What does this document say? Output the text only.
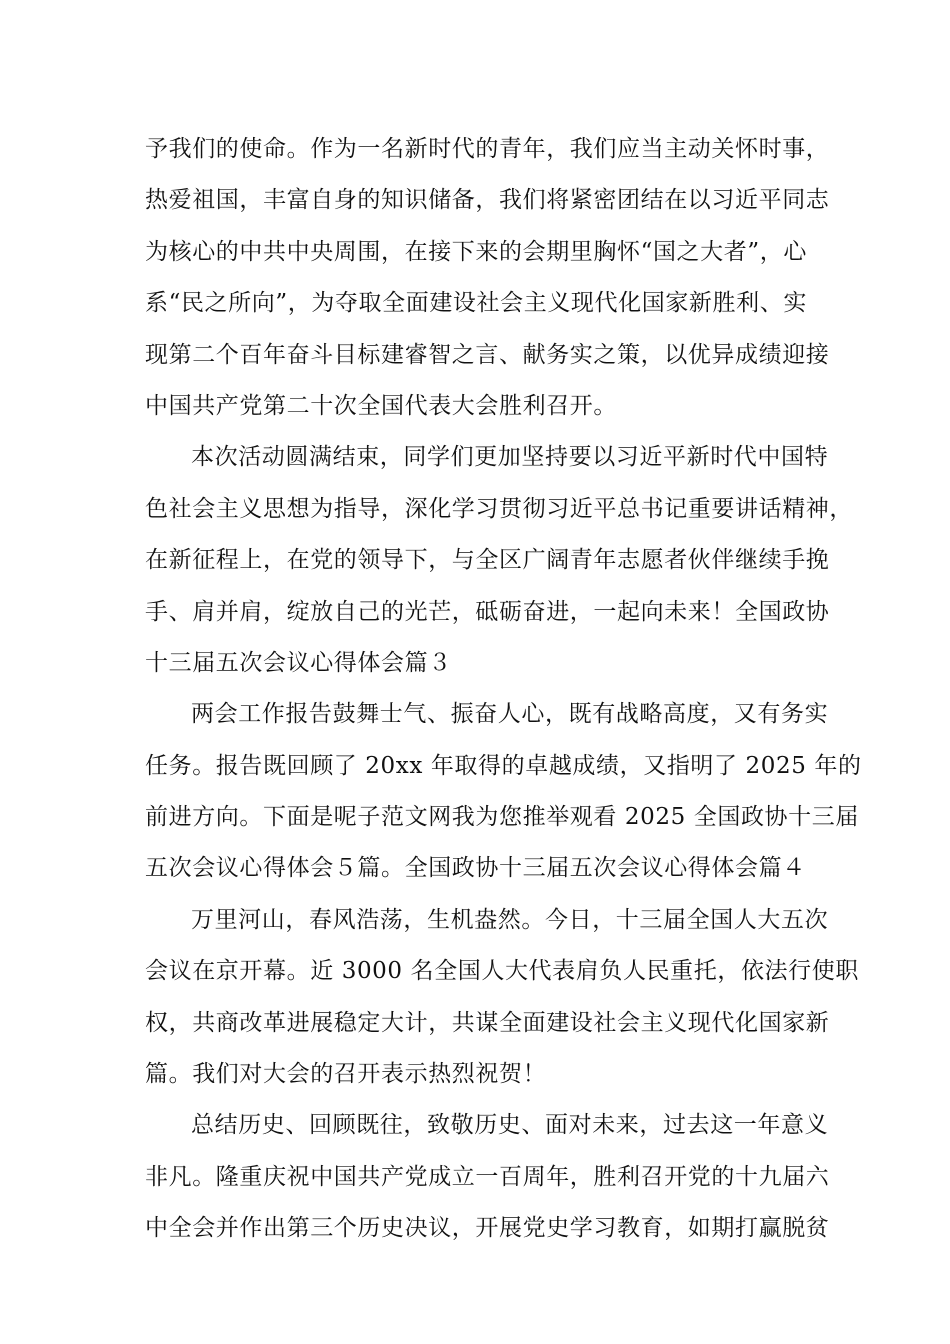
予我们的使命。作为一名新时代的青年，我们应当主动关怀时事，
热爱祖国，丰富自身的知识储备，我们将紧密团结在以习近平同志
为核心的中共中央周围，在接下来的会期里胸怀“国之大者”，心
系“民之所向”，为夺取全面建设社会主义现代化国家新胜利、实
现第二个百年奋斗目标建睿智之言、献务实之策，以优异成绩迎接
中国共产党第二十次全国代表大会胜利召开。
本次活动圆满结束，同学们更加坚持要以习近平新时代中国特
色社会主义思想为指导，深化学习贯彻习近平总书记重要讲话精神，
在新征程上，在党的领导下，与全区广阔青年志愿者伙伴继续手挽
手、肩并肩，绽放自己的光芒，砥砺奋进，一起向未来！全国政协
十三届五次会议心得体会篇３
两会工作报告鼓舞士气、振奋人心，既有战略高度，又有务实
任务。报告既回顾了 20xx 年取得的卓越成绩，又指明了 2025 年的
前进方向。下面是呢子范文网我为您推举观看 2025 全国政协十三届
五次会议心得体会５篇。全国政协十三届五次会议心得体会篇４
万里河山，春风浩荡，生机盎然。今日，十三届全国人大五次
会议在京开幕。近 3000 名全国人大代表肩负人民重托，依法行使职
权，共商改革进展稳定大计，共谋全面建设社会主义现代化国家新
篇。我们对大会的召开表示热烈祝贺！
总结历史、回顾既往，致敬历史、面对未来，过去这一年意义
非凡。隆重庆祝中国共产党成立一百周年，胜利召开党的十九届六
中全会并作出第三个历史决议，开展党史学习教育，如期打赢脱贫
